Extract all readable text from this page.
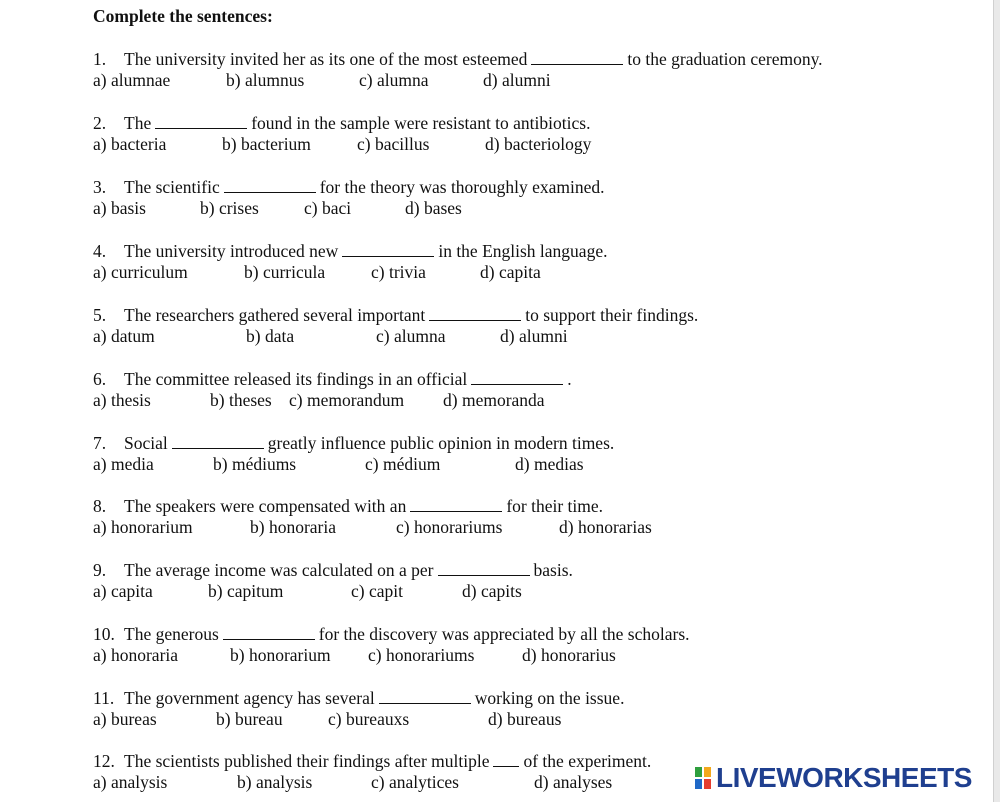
Complete the sentences:
1. The university invited her as its one of the most esteemed	to the graduation ceremony.
a) alumnae	b) alumnus	c) alumna	d) alumni
2. The	found in the sample were resistant to antibiotics.
a) bacteria	b) bacterium	c) bacillus	d) bacteriology
3. The scientific	for the theory was thoroughly examined.
a) basis	b) crises	c) baci	d) bases
4. The university introduced new	in the English language.
a) curriculum	b) curricula	c) trivia	d) capita
5. The researchers gathered several important	to support their findings.
a) datum	b) data	c) alumna	d) alumni
6. The committee released its findings in an official	.
a) thesis	b) theses c) memorandum d) memoranda
7. Social	greatly influence public opinion in modern times.
a) media	b) médiums	c) médium	d) medias
8. The speakers were compensated with an	for their time.
a) honorarium	b) honoraria	c) honorariums	d) honorarias
9. The average income was calculated on a per	basis.
a) capita	b) capitum	c) capit	d) capits
10. The generous	for the discovery was appreciated by all the scholars.
a) honoraria	b) honorarium c) honorariums	d) honorarius
11. The government agency has several	working on the issue.
a) bureas	b) bureau	c) bureauxs	d) bureaus
12. The scientists published their findings after multiple of the experiment.
a) analysis	b) analysis	c) analytices	d) analyses	LIVEWORKSHEETS
